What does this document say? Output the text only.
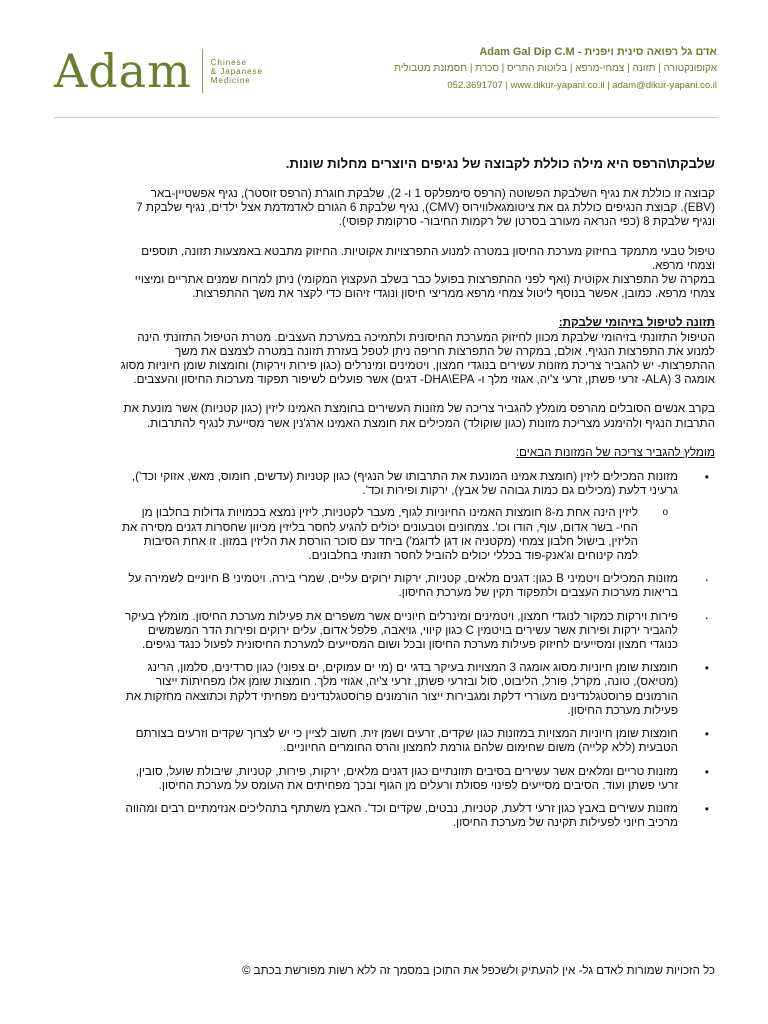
Adam Chinese
& Japanese
Medicine
אדם גל רפואה סינית ויפנית - Adam Gal Dip C.M
אקופונקטורה | תזונה | צמחי-מרפא | בלוטות התריס | סכרת | תסמונת מטבולית
052.3691707 | www.dikur-yapani.co.il | adam@dikur-yapani.co.il
שלבקת\הרפס היא מילה כוללת לקבוצה של נגיפים היוצרים מחלות שונות.

קבוצה זו כוללת את נגיף השלבקת הפשוטה (הרפס סימפלקס 1 ו- 2), שלבקת חוגרת (הרפס זוסטר), נגיף אפשטיין-באר (EBV). קבוצת הנגיפים כוללת גם את ציטומגאלווירוס (CMV), נגיף שלבקת 6 הגורם לאדמדמת אצל ילדים, נגיף שלבקת 7 ונגיף שלבקת 8 (כפי הנראה מעורב בסרטן של רקמות החיבור- סרקומת קפוסי).

טיפול טבעי מתמקד בחיזוק מערכת החיסון במטרה למנוע התפרצויות אקוטיות. החיזוק מתבטא באמצעות תזונה, תוספים וצמחי מרפא.
במקרה של התפרצות אקוטית (ואף לפני ההתפרצות בפועל כבר בשלב העקצוץ המקומי) ניתן למרוח שמנים אתריים ומיצויי צמחי מרפא. כמובן, אפשר בנוסף ליטול צמחי מרפא ממריצי חיסון ונוגדי זיהום כדי לקצר את משך ההתפרצות.

תזונה לטיפול בזיהומי שלבקת:

הטיפול התזונתי בזיהומי שלבקת מכוון לחיזוק המערכת החיסונית ולתמיכה במערכת העצבים. מטרת הטיפול התזונתי הינה למנוע את התפרצות הנגיף. אולם, במקרה של התפרצות חריפה ניתן לטפל בעזרת תזונה במטרה לצמצם את משך ההתפרצות- יש להגביר צריכת מזונות עשירים בנוגדי חמצון, ויטמינים ומינרלים (כגון פירות וירקות) וחומצות שומן חיוניות מסוג אומגה 3 (ALA- זרעי פשתן, זרעי צ'יה, אגוזי מלך ו- DHA\EPA- דגים) אשר פועלים לשיפור תפקוד מערכות החיסון והעצבים.

בקרב אנשים הסובלים מהרפס מומלץ להגביר צריכה של מזונות העשירים בחומצת האמינו ליזין (כגון קטניות) אשר מונעת את התרבות הנגיף ולהימנע מצריכת מזונות (כגון שוקולד) המכילים את חומצת האמינו ארג'נין אשר מסייעת לנגיף להתרבות.

מומלץ להגביר צריכה של המזונות הבאים:
• מזונות המכילים ליזין (חומצת אמינו המונעת את התרבותו של הנגיף) כגון קטניות (עדשים, חומוס, מאש, אזוקי וכד'), גרעיני דלעת (מכילים גם כמות גבוהה של אבץ), ירקות ופירות וכד'.
o ליזין הינה אחת מ-8 חומצות האמינו החיוניות לגוף, מעבר לקטניות, ליזין נמצא בכמויות גדולות בחלבון מן החי- בשר אדום, עוף, הודו וכו'. צמחונים וטבעונים יכולים להגיע לחסר בליזין מכיוון שחסרות דגנים מסירה את הליזין, בישול חלבון צמחי (מקטניה או דגן לדוגמ') ביחד עם סוכר הורסת את הליזין במזון. זו אחת הסיבות למה קינוחים וג'אנק-פוד בכללי יכולים להוביל לחסר תזונתי בחלבונים.
· מזונות המכילים ויטמיני B כגון: דגנים מלאים, קטניות, ירקות ירוקים עליים, שמרי בירה. ויטמיני B חיוניים לשמירה על בריאות מערכות העצבים ולתפקוד תקין של מערכת החיסון.
· פירות וירקות כמקור לנוגדי חמצון, ויטמינים ומינרלים חיוניים אשר משפרים את פעילות מערכת החיסון. מומלץ בעיקר להגביר ירקות ופירות אשר עשירים בויטמין C כגון קיווי, גויאבה, פלפל אדום, עלים ירוקים ופירות הדר המשמשים כנוגדי חמצון ומסייעים לחיזוק פעילות מערכת החיסון ובכל ושום המסייעים למערכת החיסונית לפעול כנגד נגיפים.
• חומצות שומן חיוניות מסוג אומגה 3 המצויות בעיקר בדגי ים (מי ים עמוקים, ים צפוני) כגון סרדינים, סלמון, הרינג (מטיאס), טונה, מקרל, פורל, הליבוט, סול ובזרעי פשתן, זרעי צ'יה, אגוזי מלך. חומצות שומן אלו מפחיתות ייצור הורמונים פרוסטגלנדינים מעוררי דלקת ומגבירות ייצור הורמונים פרוסטגלנדינים מפחיתי דלקת וכתוצאה מחזקות את פעילות מערכת החיסון.
• חומצות שומן חיוניות המצויות במזונות כגון שקדים, זרעים ושמן זית. חשוב לציין כי יש לצרוך שקדים וזרעים בצורתם הטבעית (ללא קלייה) משום שחימום שלהם גורמת לחמצון והרס החומרים החיוניים.
• מזונות טריים ומלאים אשר עשירים בסיבים תזונתיים כגון דגנים מלאים, ירקות, פירות, קטניות, שיבולת שועל, סובין, זרעי פשתן ועוד. הסיבים מסייעים לפינוי פסולת ורעלים מן הגוף ובכך מפחיתים את העומס על מערכת החיסון.
• מזונות עשירים באבץ כגון זרעי דלעת, קטניות, נבטים, שקדים וכד'. האבץ משתתף בתהליכים אנזימתיים רבים ומהווה מרכיב חיוני לפעילות תקינה של מערכת החיסון.
כל הזכויות שמורות לאדם גל- אין להעתיק ולשכפל את התוכן במסמך זה ללא רשות מפורשת בכתב ©
